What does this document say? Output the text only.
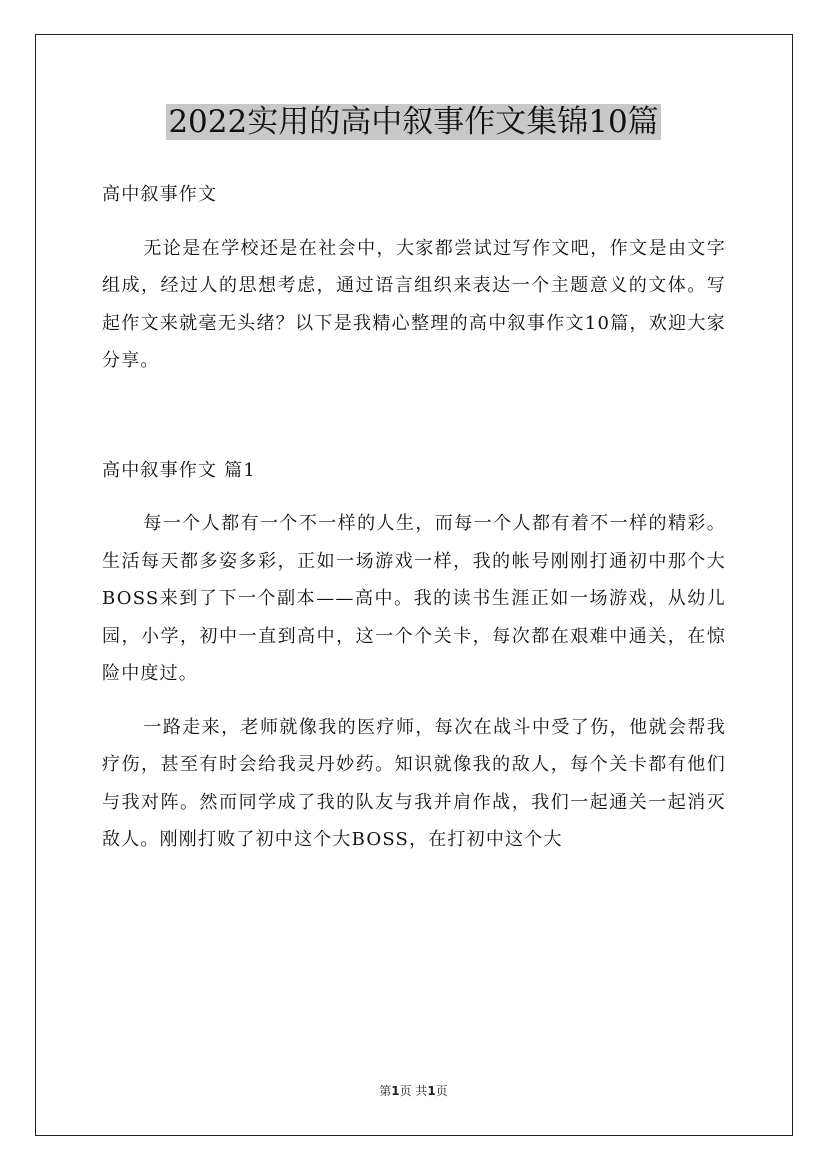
2022实用的高中叙事作文集锦10篇

高中叙事作文

无论是在学校还是在社会中，大家都尝试过写作文吧，作文是由文字组成，经过人的思想考虑，通过语言组织来表达一个主题意义的文体。写起作文来就毫无头绪？以下是我精心整理的高中叙事作文10篇，欢迎大家分享。

高中叙事作文 篇1

每一个人都有一个不一样的人生，而每一个人都有着不一样的精彩。生活每天都多姿多彩，正如一场游戏一样，我的帐号刚刚打通初中那个大BOSS来到了下一个副本——高中。我的读书生涯正如一场游戏，从幼儿园，小学，初中一直到高中，这一个个关卡，每次都在艰难中通关，在惊险中度过。

一路走来，老师就像我的医疗师，每次在战斗中受了伤，他就会帮我疗伤，甚至有时会给我灵丹妙药。知识就像我的敌人，每个关卡都有他们与我对阵。然而同学成了我的队友与我并肩作战，我们一起通关一起消灭敌人。刚刚打败了初中这个大BOSS，在打初中这个大

第1页 共1页
